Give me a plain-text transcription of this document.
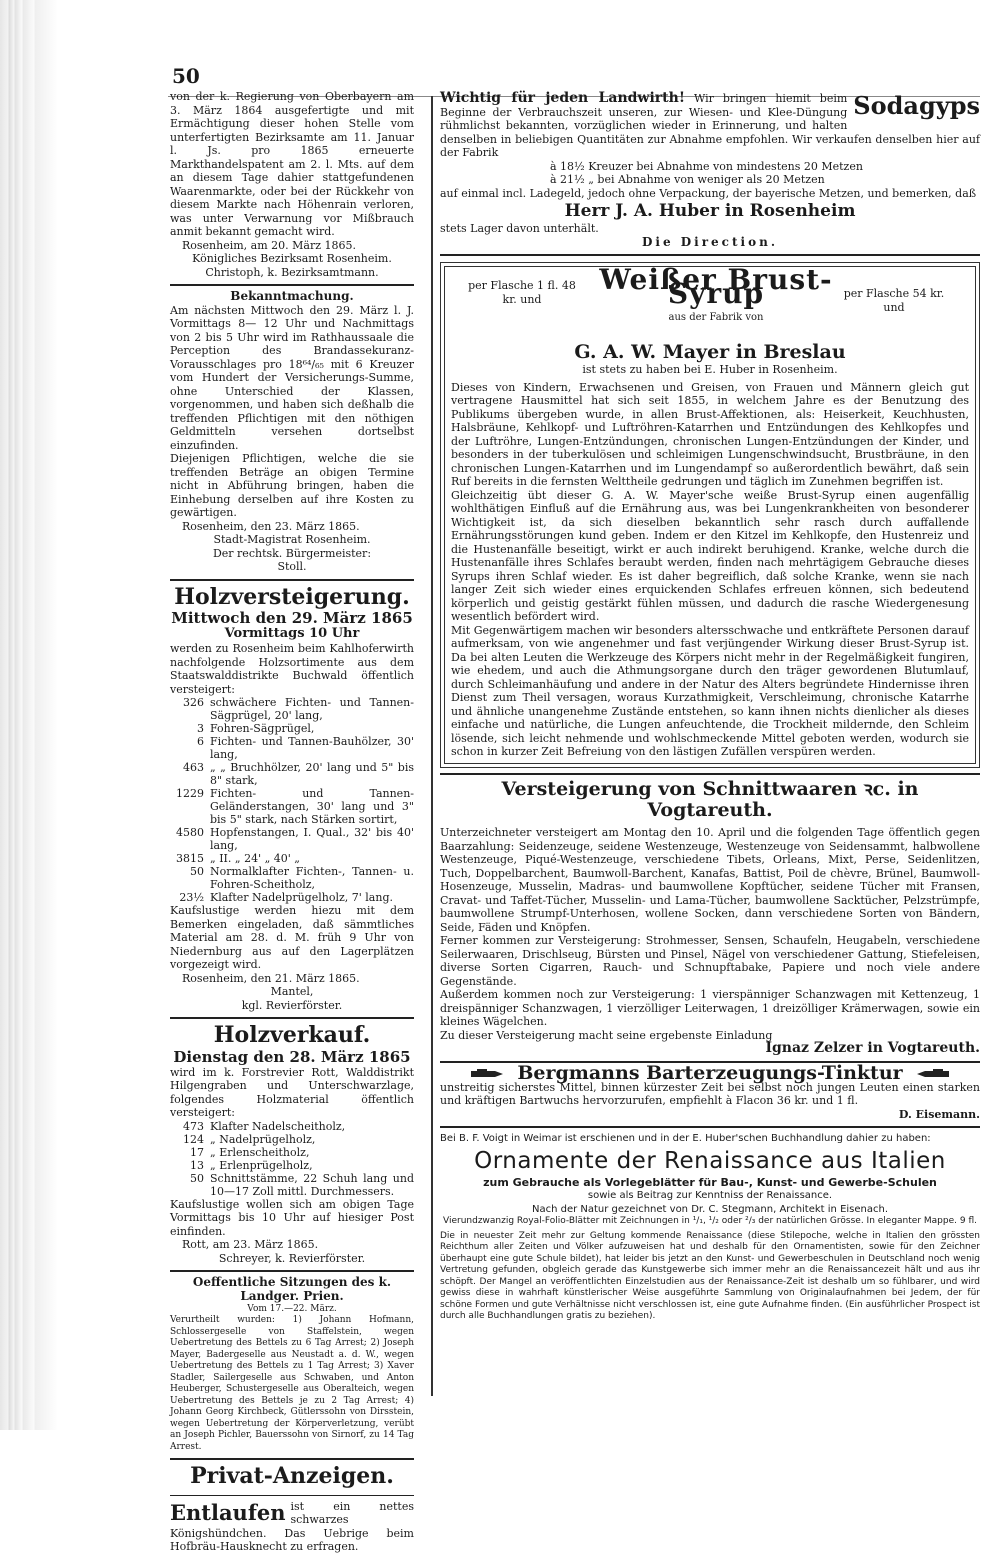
50
von der k. Regierung von Oberbayern am 3. März 1864 ausgefertigte und mit Ermächtigung dieser hohen Stelle vom unterfertigten Bezirksamte am 11. Januar l. Js. pro 1865 erneuerte Markthandelspatent am 2. l. Mts. auf dem an diesem Tage dahier stattgefundenen Waarenmarkte, oder bei der Rückkehr von diesem Markte nach Höhenrain verloren, was unter Verwarnung vor Mißbrauch anmit bekannt gemacht wird.
Rosenheim, am 20. März 1865.
Königliches Bezirksamt Rosenheim.
Christoph, k. Bezirksamtmann.
Bekanntmachung.
Am nächsten Mittwoch den 29. März l. J. Vormittags 8— 12 Uhr und Nachmittags von 2 bis 5 Uhr wird im Rathhaussaale die Perception des Brandassekuranz- Vorausschlages pro 18⁶⁴/₆₅ mit 6 Kreuzer vom Hundert der Versicherungs-Summe, ohne Unterschied der Klassen, vorgenommen, und haben sich deßhalb die treffenden Pflichtigen mit den nöthigen Geldmitteln versehen dortselbst einzufinden.
Diejenigen Pflichtigen, welche die sie treffenden Beträge an obigen Termine nicht in Abführung bringen, haben die Einhebung derselben auf ihre Kosten zu gewärtigen.
Rosenheim, den 23. März 1865.
Stadt-Magistrat Rosenheim.
Der rechtsk. Bürgermeister:
Stoll.
Holzversteigerung.
Mittwoch den 29. März 1865
Vormittags 10 Uhr
werden zu Rosenheim beim Kahlhoferwirth nachfolgende Holzsortimente aus dem Staatswalddistrikte Buchwald öffentlich versteigert:
326	schwächere Fichten- und Tannen-Sägprügel, 20' lang,
3	Fohren-Sägprügel,
6	Fichten- und Tannen-Bauhölzer, 30' lang,
463	„ „ Bruchhölzer, 20' lang und 5" bis 8" stark,
1229	Fichten- und Tannen-Geländerstangen, 30' lang und 3" bis 5" stark, nach Stärken sortirt,
4580	Hopfenstangen, I. Qual., 32' bis 40' lang,
3815	„ II. „ 24' „ 40' „
50	Normalklafter Fichten-, Tannen- u. Fohren-Scheitholz,
23½	Klafter Nadelprügelholz, 7' lang.
Kaufslustige werden hiezu mit dem Bemerken eingeladen, daß sämmtliches Material am 28. d. M. früh 9 Uhr von Niedernburg aus auf den Lagerplätzen vorgezeigt wird.
Rosenheim, den 21. März 1865.
Mantel,
kgl. Revierförster.
Holzverkauf.
Dienstag den 28. März 1865
wird im k. Forstrevier Rott, Walddistrikt Hilgengraben und Unterschwarzlage, folgendes Holzmaterial öffentlich versteigert:
473	Klafter Nadelscheitholz,
124	„ Nadelprügelholz,
17	„ Erlenscheitholz,
13	„ Erlenprügelholz,
50	Schnittstämme, 22 Schuh lang und 10—17 Zoll mittl. Durchmessers.
Kaufslustige wollen sich am obigen Tage Vormittags bis 10 Uhr auf hiesiger Post einfinden.
Rott, am 23. März 1865.
Schreyer, k. Revierförster.
Oeffentliche Sitzungen des k. Landger. Prien.
Vom 17.—22. März.
Verurtheilt wurden: 1) Johann Hofmann, Schlossergeselle von Staffelstein, wegen Uebertretung des Bettels zu 6 Tag Arrest; 2) Joseph Mayer, Badergeselle aus Neustadt a. d. W., wegen Uebertretung des Bettels zu 1 Tag Arrest; 3) Xaver Stadler, Sailergeselle aus Schwaben, und Anton Heuberger, Schustergeselle aus Oberalteich, wegen Uebertretung des Bettels je zu 2 Tag Arrest; 4) Johann Georg Kirchbeck, Gütlerssohn von Dirsstein, wegen Uebertretung der Körperverletzung, verübt an Joseph Pichler, Bauerssohn von Sirnorf, zu 14 Tag Arrest.
Privat-Anzeigen.
Entlaufen ist ein nettes schwarzes Königshündchen. Das Uebrige beim Hofbräu-Hausknecht zu erfragen.
Sodagyps
Wichtig für jeden Landwirth! Wir bringen hiemit beim Beginne der Verbrauchszeit unseren, zur Wiesen- und Klee-Düngung rühmlichst bekannten, vorzüglichen wieder in Erinnerung, und halten denselben in beliebigen Quantitäten zur Abnahme empfohlen. Wir verkaufen denselben hier auf der Fabrik
à 18½ Kreuzer bei Abnahme von mindestens 20 Metzen
à 21½ „ bei Abnahme von weniger als 20 Metzen
auf einmal incl. Ladegeld, jedoch ohne Verpackung, der bayerische Metzen, und bemerken, daß
Herr J. A. Huber in Rosenheim
stets Lager davon unterhält.
Die Direction.
per Flasche 1 fl. 48 kr. und
Weißer Brust-Syrup
aus der Fabrik von
per Flasche 54 kr. und
G. A. W. Mayer in Breslau
ist stets zu haben bei E. Huber in Rosenheim.
Dieses von Kindern, Erwachsenen und Greisen, von Frauen und Männern gleich gut vertragene Hausmittel hat sich seit 1855, in welchem Jahre es der Benutzung des Publikums übergeben wurde, in allen Brust-Affektionen, als: Heiserkeit, Keuchhusten, Halsbräune, Kehlkopf- und Luftröhren-Katarrhen und Entzündungen des Kehlkopfes und der Luftröhre, Lungen-Entzündungen, chronischen Lungen-Entzündungen der Kinder, und besonders in der tuberkulösen und schleimigen Lungenschwindsucht, Brustbräune, in den chronischen Lungen-Katarrhen und im Lungendampf so außerordentlich bewährt, daß sein Ruf bereits in die fernsten Welttheile gedrungen und täglich im Zunehmen begriffen ist.
Gleichzeitig übt dieser G. A. W. Mayer'sche weiße Brust-Syrup einen augenfällig wohlthätigen Einfluß auf die Ernährung aus, was bei Lungenkrankheiten von besonderer Wichtigkeit ist, da sich dieselben bekanntlich sehr rasch durch auffallende Ernährungsstörungen kund geben. Indem er den Kitzel im Kehlkopfe, den Hustenreiz und die Hustenanfälle beseitigt, wirkt er auch indirekt beruhigend. Kranke, welche durch die Hustenanfälle ihres Schlafes beraubt werden, finden nach mehrtägigem Gebrauche dieses Syrups ihren Schlaf wieder. Es ist daher begreiflich, daß solche Kranke, wenn sie nach langer Zeit sich wieder eines erquickenden Schlafes erfreuen können, sich bedeutend körperlich und geistig gestärkt fühlen müssen, und dadurch die rasche Wiedergenesung wesentlich befördert wird.
Mit Gegenwärtigem machen wir besonders altersschwache und entkräftete Personen darauf aufmerksam, von wie angenehmer und fast verjüngender Wirkung dieser Brust-Syrup ist. Da bei alten Leuten die Werkzeuge des Körpers nicht mehr in der Regelmäßigkeit fungiren, wie ehedem, und auch die Athmungsorgane durch den träger gewordenen Blutumlauf, durch Schleimanhäufung und andere in der Natur des Alters begründete Hindernisse ihren Dienst zum Theil versagen, woraus Kurzathmigkeit, Verschleimung, chronische Katarrhe und ähnliche unangenehme Zustände entstehen, so kann ihnen nichts dienlicher als dieses einfache und natürliche, die Lungen anfeuchtende, die Trockheit mildernde, den Schleim lösende, sich leicht nehmende und wohlschmeckende Mittel geboten werden, wodurch sie schon in kurzer Zeit Befreiung von den lästigen Zufällen verspüren werden.
Versteigerung von Schnittwaaren ꝛc. in Vogtareuth.
Unterzeichneter versteigert am Montag den 10. April und die folgenden Tage öffentlich gegen Baarzahlung: Seidenzeuge, seidene Westenzeuge, Westenzeuge von Seidensammt, halbwollene Westenzeuge, Piqué-Westenzeuge, verschiedene Tibets, Orleans, Mixt, Perse, Seidenlitzen, Tuch, Doppelbarchent, Baumwoll-Barchent, Kanafas, Battist, Poil de chèvre, Brünel, Baumwoll-Hosenzeuge, Musselin, Madras- und baumwollene Kopftücher, seidene Tücher mit Fransen, Cravat- und Taffet-Tücher, Musselin- und Lama-Tücher, baumwollene Sacktücher, Pelzstrümpfe, baumwollene Strumpf-Unterhosen, wollene Socken, dann verschiedene Sorten von Bändern, Seide, Fäden und Knöpfen.
Ferner kommen zur Versteigerung: Strohmesser, Sensen, Schaufeln, Heugabeln, verschiedene Seilerwaaren, Drischlseug, Bürsten und Pinsel, Nägel von verschiedener Gattung, Stiefeleisen, diverse Sorten Cigarren, Rauch- und Schnupftabake, Papiere und noch viele andere Gegenstände.
Außerdem kommen noch zur Versteigerung: 1 vierspänniger Schanzwagen mit Kettenzeug, 1 dreispänniger Schanzwagen, 1 vierzölliger Leiterwagen, 1 dreizölliger Krämerwagen, sowie ein kleines Wägelchen.
Zu dieser Versteigerung macht seine ergebenste Einladung
Ignaz Zelzer in Vogtareuth.
Bergmanns Barterzeugungs-Tinktur
unstreitig sicherstes Mittel, binnen kürzester Zeit bei selbst noch jungen Leuten einen starken und kräftigen Bartwuchs hervorzurufen, empfiehlt à Flacon 36 kr. und 1 fl.
D. Eisemann.
Bei B. F. Voigt in Weimar ist erschienen und in der E. Huber'schen Buchhandlung dahier zu haben:
Ornamente der Renaissance aus Italien
zum Gebrauche als Vorlegeblätter für Bau-, Kunst- und Gewerbe-Schulen
sowie als Beitrag zur Kenntniss der Renaissance.
Nach der Natur gezeichnet von Dr. C. Stegmann, Architekt in Eisenach.
Vierundzwanzig Royal-Folio-Blätter mit Zeichnungen in ¹/₁, ¹/₂ oder ²/₃ der natürlichen Grösse. In eleganter Mappe. 9 fl.
Die in neuester Zeit mehr zur Geltung kommende Renaissance (diese Stilepoche, welche in Italien den grössten Reichthum aller Zeiten und Völker aufzuweisen hat und deshalb für den Ornamentisten, sowie für den Zeichner überhaupt eine gute Schule bildet), hat leider bis jetzt an den Kunst- und Gewerbeschulen in Deutschland noch wenig Vertretung gefunden, obgleich gerade das Kunstgewerbe sich immer mehr an die Renaissancezeit hält und aus ihr schöpft. Der Mangel an veröffentlichten Einzelstudien aus der Renaissance-Zeit ist deshalb um so fühlbarer, und wird gewiss diese in wahrhaft künstlerischer Weise ausgeführte Sammlung von Originalaufnahmen bei Jedem, der für schöne Formen und gute Verhältnisse nicht verschlossen ist, eine gute Aufnahme finden. (Ein ausführlicher Prospect ist durch alle Buchhandlungen gratis zu beziehen).
